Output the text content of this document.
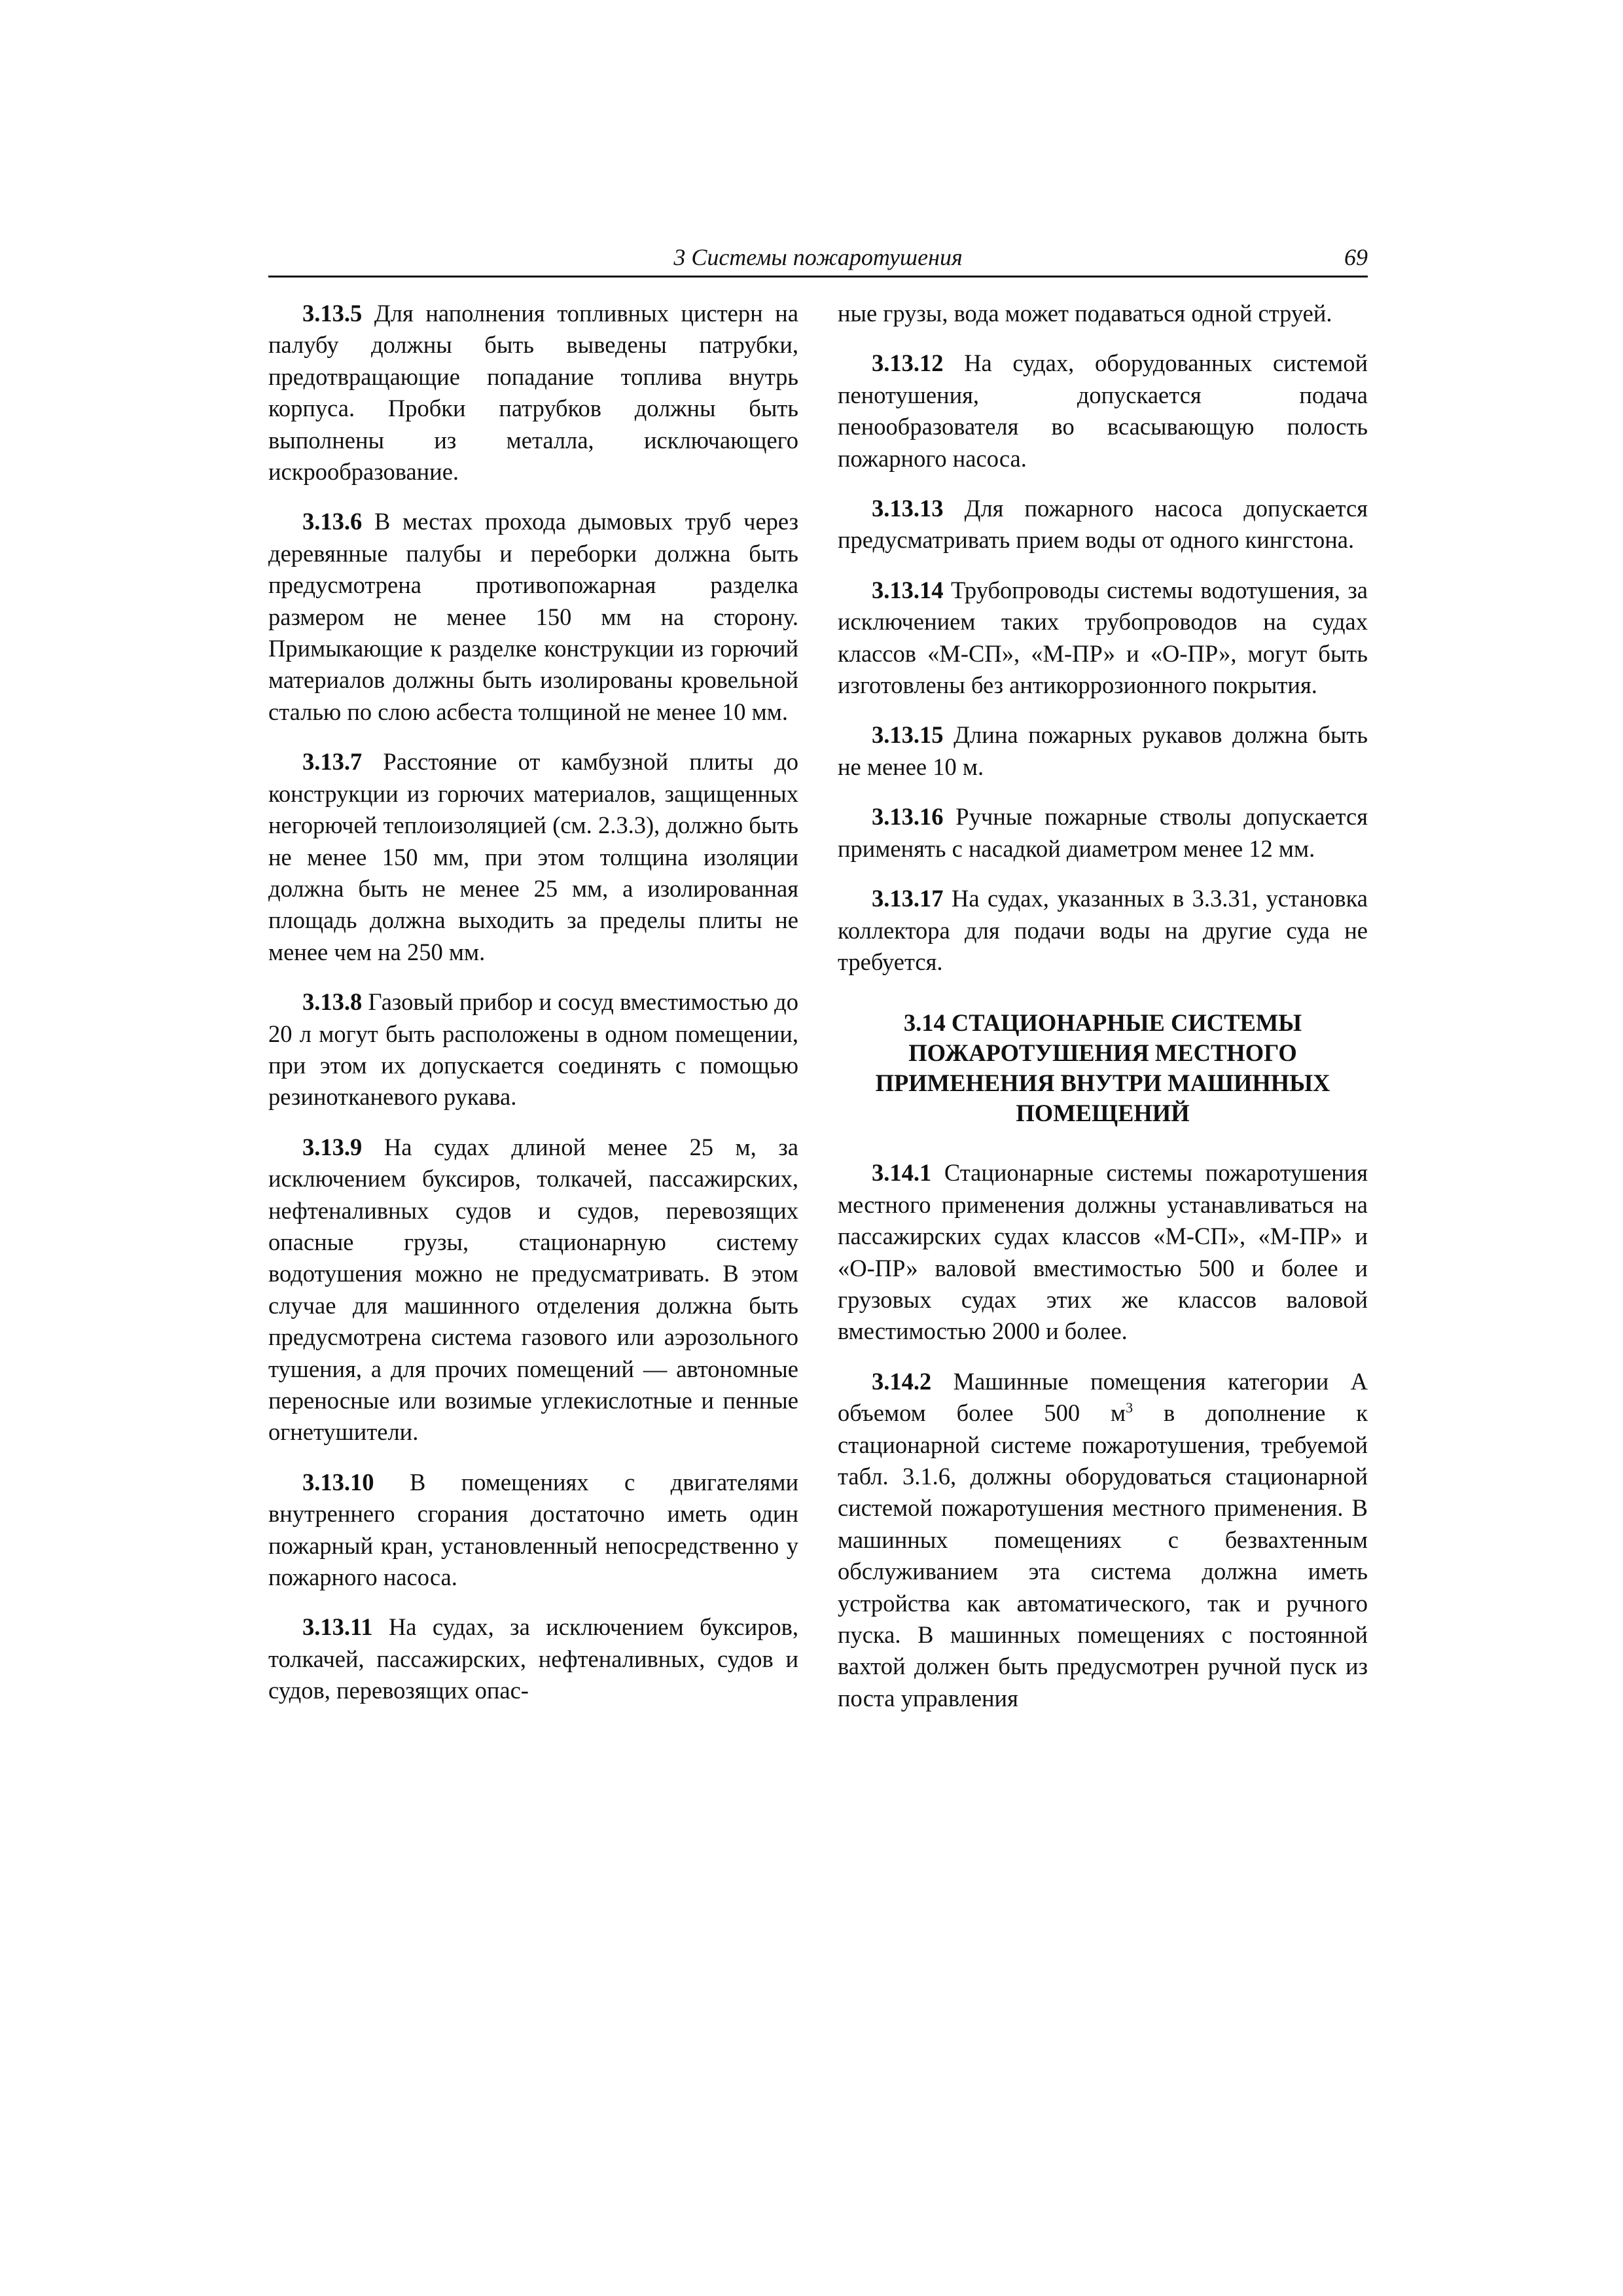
3 Системы пожаротушения	69

3.13.5 Для наполнения топливных цистерн на палубу должны быть выведены патрубки, предотвращающие попадание топлива внутрь корпуса. Пробки патрубков должны быть выполнены из металла, исключающего искрообразование.

3.13.6 В местах прохода дымовых труб через деревянные палубы и переборки должна быть предусмотрена противопожарная разделка размером не менее 150 мм на сторону. Примыкающие к разделке конструкции из горючий материалов должны быть изолированы кровельной сталью по слою асбеста толщиной не менее 10 мм.

3.13.7 Расстояние от камбузной плиты до конструкции из горючих материалов, защищенных негорючей теплоизоляцией (см. 2.3.3), должно быть не менее 150 мм, при этом толщина изоляции должна быть не менее 25 мм, а изолированная площадь должна выходить за пределы плиты не менее чем на 250 мм.

3.13.8 Газовый прибор и сосуд вместимостью до 20 л могут быть расположены в одном помещении, при этом их допускается соединять с помощью резинотканевого рукава.

3.13.9 На судах длиной менее 25 м, за исключением буксиров, толкачей, пассажирских, нефтеналивных судов и судов, перевозящих опасные грузы, стационарную систему водотушения можно не предусматривать. В этом случае для машинного отделения должна быть предусмотрена система газового или аэрозольного тушения, а для прочих помещений — автономные переносные или возимые углекислотные и пенные огнетушители.

3.13.10 В помещениях с двигателями внутреннего сгорания достаточно иметь один пожарный кран, установленный непосредственно у пожарного насоса.

3.13.11 На судах, за исключением буксиров, толкачей, пассажирских, нефтеналивных, судов и судов, перевозящих опас-

ные грузы, вода может подаваться одной струей.

3.13.12 На судах, оборудованных системой пенотушения, допускается подача пенообразователя во всасывающую полость пожарного насоса.

3.13.13 Для пожарного насоса допускается предусматривать прием воды от одного кингстона.

3.13.14 Трубопроводы системы водотушения, за исключением таких трубопроводов на судах классов «М-СП», «М-ПР» и «О-ПР», могут быть изготовлены без антикоррозионного покрытия.

3.13.15 Длина пожарных рукавов должна быть не менее 10 м.

3.13.16 Ручные пожарные стволы допускается применять с насадкой диаметром менее 12 мм.

3.13.17 На судах, указанных в 3.3.31, установка коллектора для подачи воды на другие суда не требуется.

3.14 СТАЦИОНАРНЫЕ СИСТЕМЫ
ПОЖАРОТУШЕНИЯ МЕСТНОГО
ПРИМЕНЕНИЯ ВНУТРИ МАШИННЫХ
ПОМЕЩЕНИЙ

3.14.1 Стационарные системы пожаротушения местного применения должны устанавливаться на пассажирских судах классов «М-СП», «М-ПР» и «О-ПР» валовой вместимостью 500 и более и грузовых судах этих же классов валовой вместимостью 2000 и более.

3.14.2 Машинные помещения категории А объемом более 500 $м^3$ в дополнение к стационарной системе пожаротушения, требуемой табл. 3.1.6, должны оборудоваться стационарной системой пожаротушения местного применения. В машинных помещениях с безвахтенным обслуживанием эта система должна иметь устройства как автоматического, так и ручного пуска. В машинных помещениях с постоянной вахтой должен быть предусмотрен ручной пуск из поста управления
